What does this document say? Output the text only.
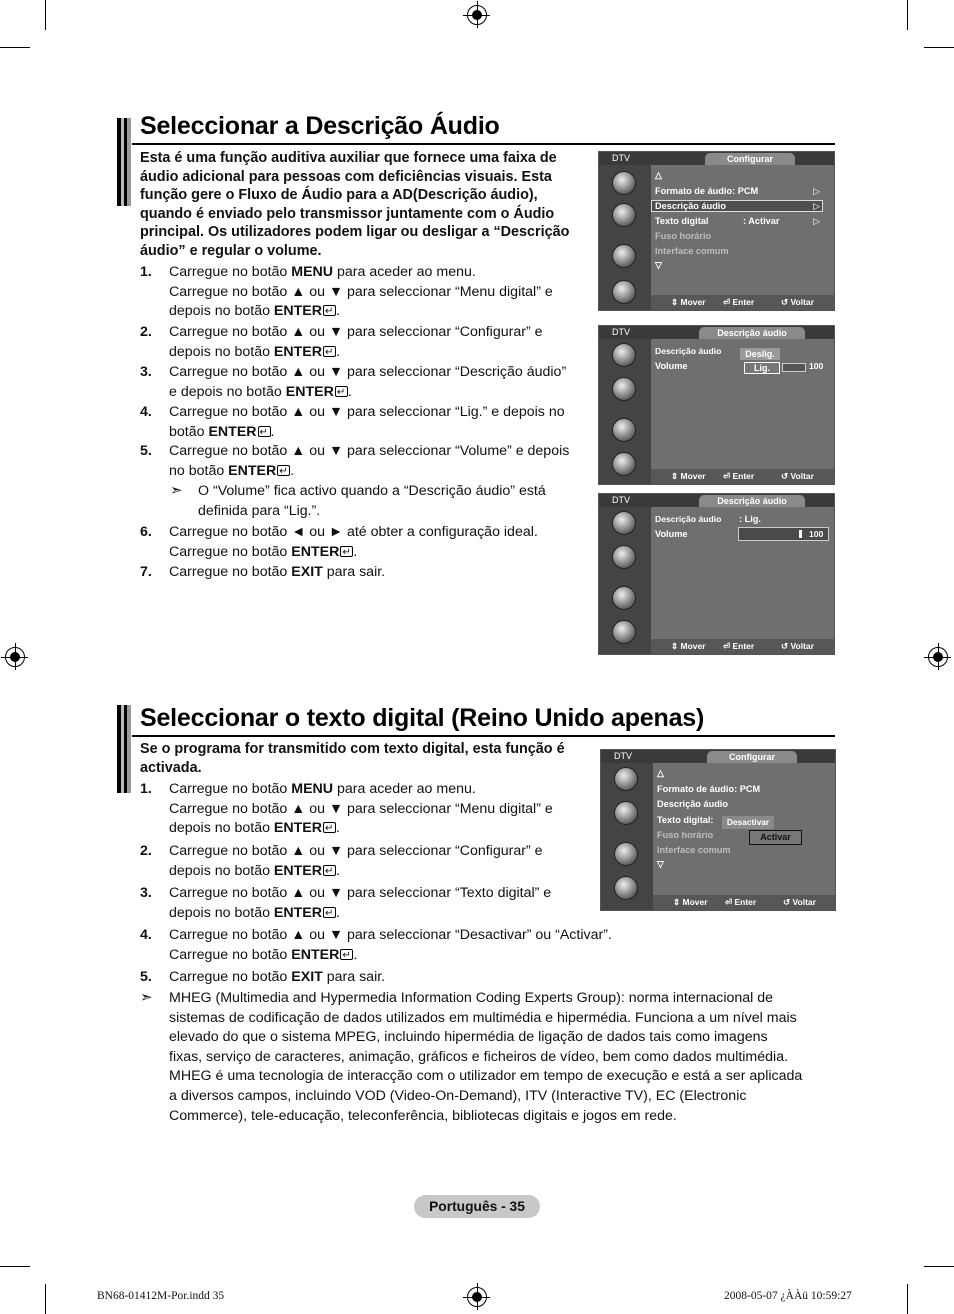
Seleccionar a Descrição Áudio
Esta é uma função auditiva auxiliar que fornece uma faixa de áudio adicional para pessoas com deficiências visuais. Esta função gere o Fluxo de Áudio para a AD(Descrição áudio), quando é enviado pelo transmissor juntamente com o Áudio principal. Os utilizadores podem ligar ou desligar a “Descrição áudio” e regular o volume.
1. Carregue no botão MENU para aceder ao menu.
Carregue no botão ▲ ou ▼ para seleccionar “Menu digital” e
depois no botão ENTER ↵ .
2. Carregue no botão ▲ ou ▼ para seleccionar “Configurar” e
depois no botão ENTER ↵ .
3. Carregue no botão ▲ ou ▼ para seleccionar “Descrição áudio”
e depois no botão ENTER ↵ .
4. Carregue no botão ▲ ou ▼ para seleccionar “Lig.” e depois no
botão ENTER ↵ .
5. Carregue no botão ▲ ou ▼ para seleccionar “Volume” e depois
no botão ENTER ↵ .
➣ O “Volume” fica activo quando a “Descrição áudio” está
definida para “Lig.”.
6. Carregue no botão ◄ ou ► até obter a configuração ideal.
Carregue no botão ENTER ↵ .
7. Carregue no botão EXIT para sair.
DTV	Configurar
△
Formato de áudio: PCM	▷
Descrição áudio	▷
Texto digital	: Activar	▷
Fuso horário
Interface comum
▽
⇕ Mover ⏎ Enter	↺ Voltar
DTV	Descrição áudio
Descrição áudio
Volume
Deslig.
Lig.	100
⇕ Mover ⏎ Enter	↺ Voltar
DTV	Descrição áudio
Descrição áudio : Lig.
Volume	100
⇕ Mover ⏎ Enter	↺ Voltar
Seleccionar o texto digital (Reino Unido apenas)
Se o programa for transmitido com texto digital, esta função é
activada.
1. Carregue no botão MENU para aceder ao menu.
Carregue no botão ▲ ou ▼ para seleccionar “Menu digital” e
depois no botão ENTER ↵ .
2. Carregue no botão ▲ ou ▼ para seleccionar “Configurar” e
depois no botão ENTER ↵ .
3. Carregue no botão ▲ ou ▼ para seleccionar “Texto digital” e
depois no botão ENTER ↵ .
4. Carregue no botão ▲ ou ▼ para seleccionar “Desactivar” ou “Activar”.
Carregue no botão ENTER ↵ .
5. Carregue no botão EXIT para sair.
➣ MHEG (Multimedia and Hypermedia Information Coding Experts Group): norma internacional de
sistemas de codificação de dados utilizados em multimédia e hipermédia. Funciona a um nível mais
elevado do que o sistema MPEG, incluindo hipermédia de ligação de dados tais como imagens
fixas, serviço de caracteres, animação, gráficos e ficheiros de vídeo, bem como dados multimédia.
MHEG é uma tecnologia de interacção com o utilizador em tempo de execução e está a ser aplicada
a diversos campos, incluindo VOD (Video-On-Demand), ITV (Interactive TV), EC (Electronic
Commerce), tele-educação, teleconferência, bibliotecas digitais e jogos em rede.
DTV	Configurar
△
Formato de áudio: PCM
Descrição áudio
Texto digital:
Fuso horário
Interface comum
▽
Desactivar
Activar
⇕ Mover ⏎ Enter	↺ Voltar
Português - 35
BN68-01412M-Por.indd 35	2008-05-07 ¿ÀÀü 10:59:27
